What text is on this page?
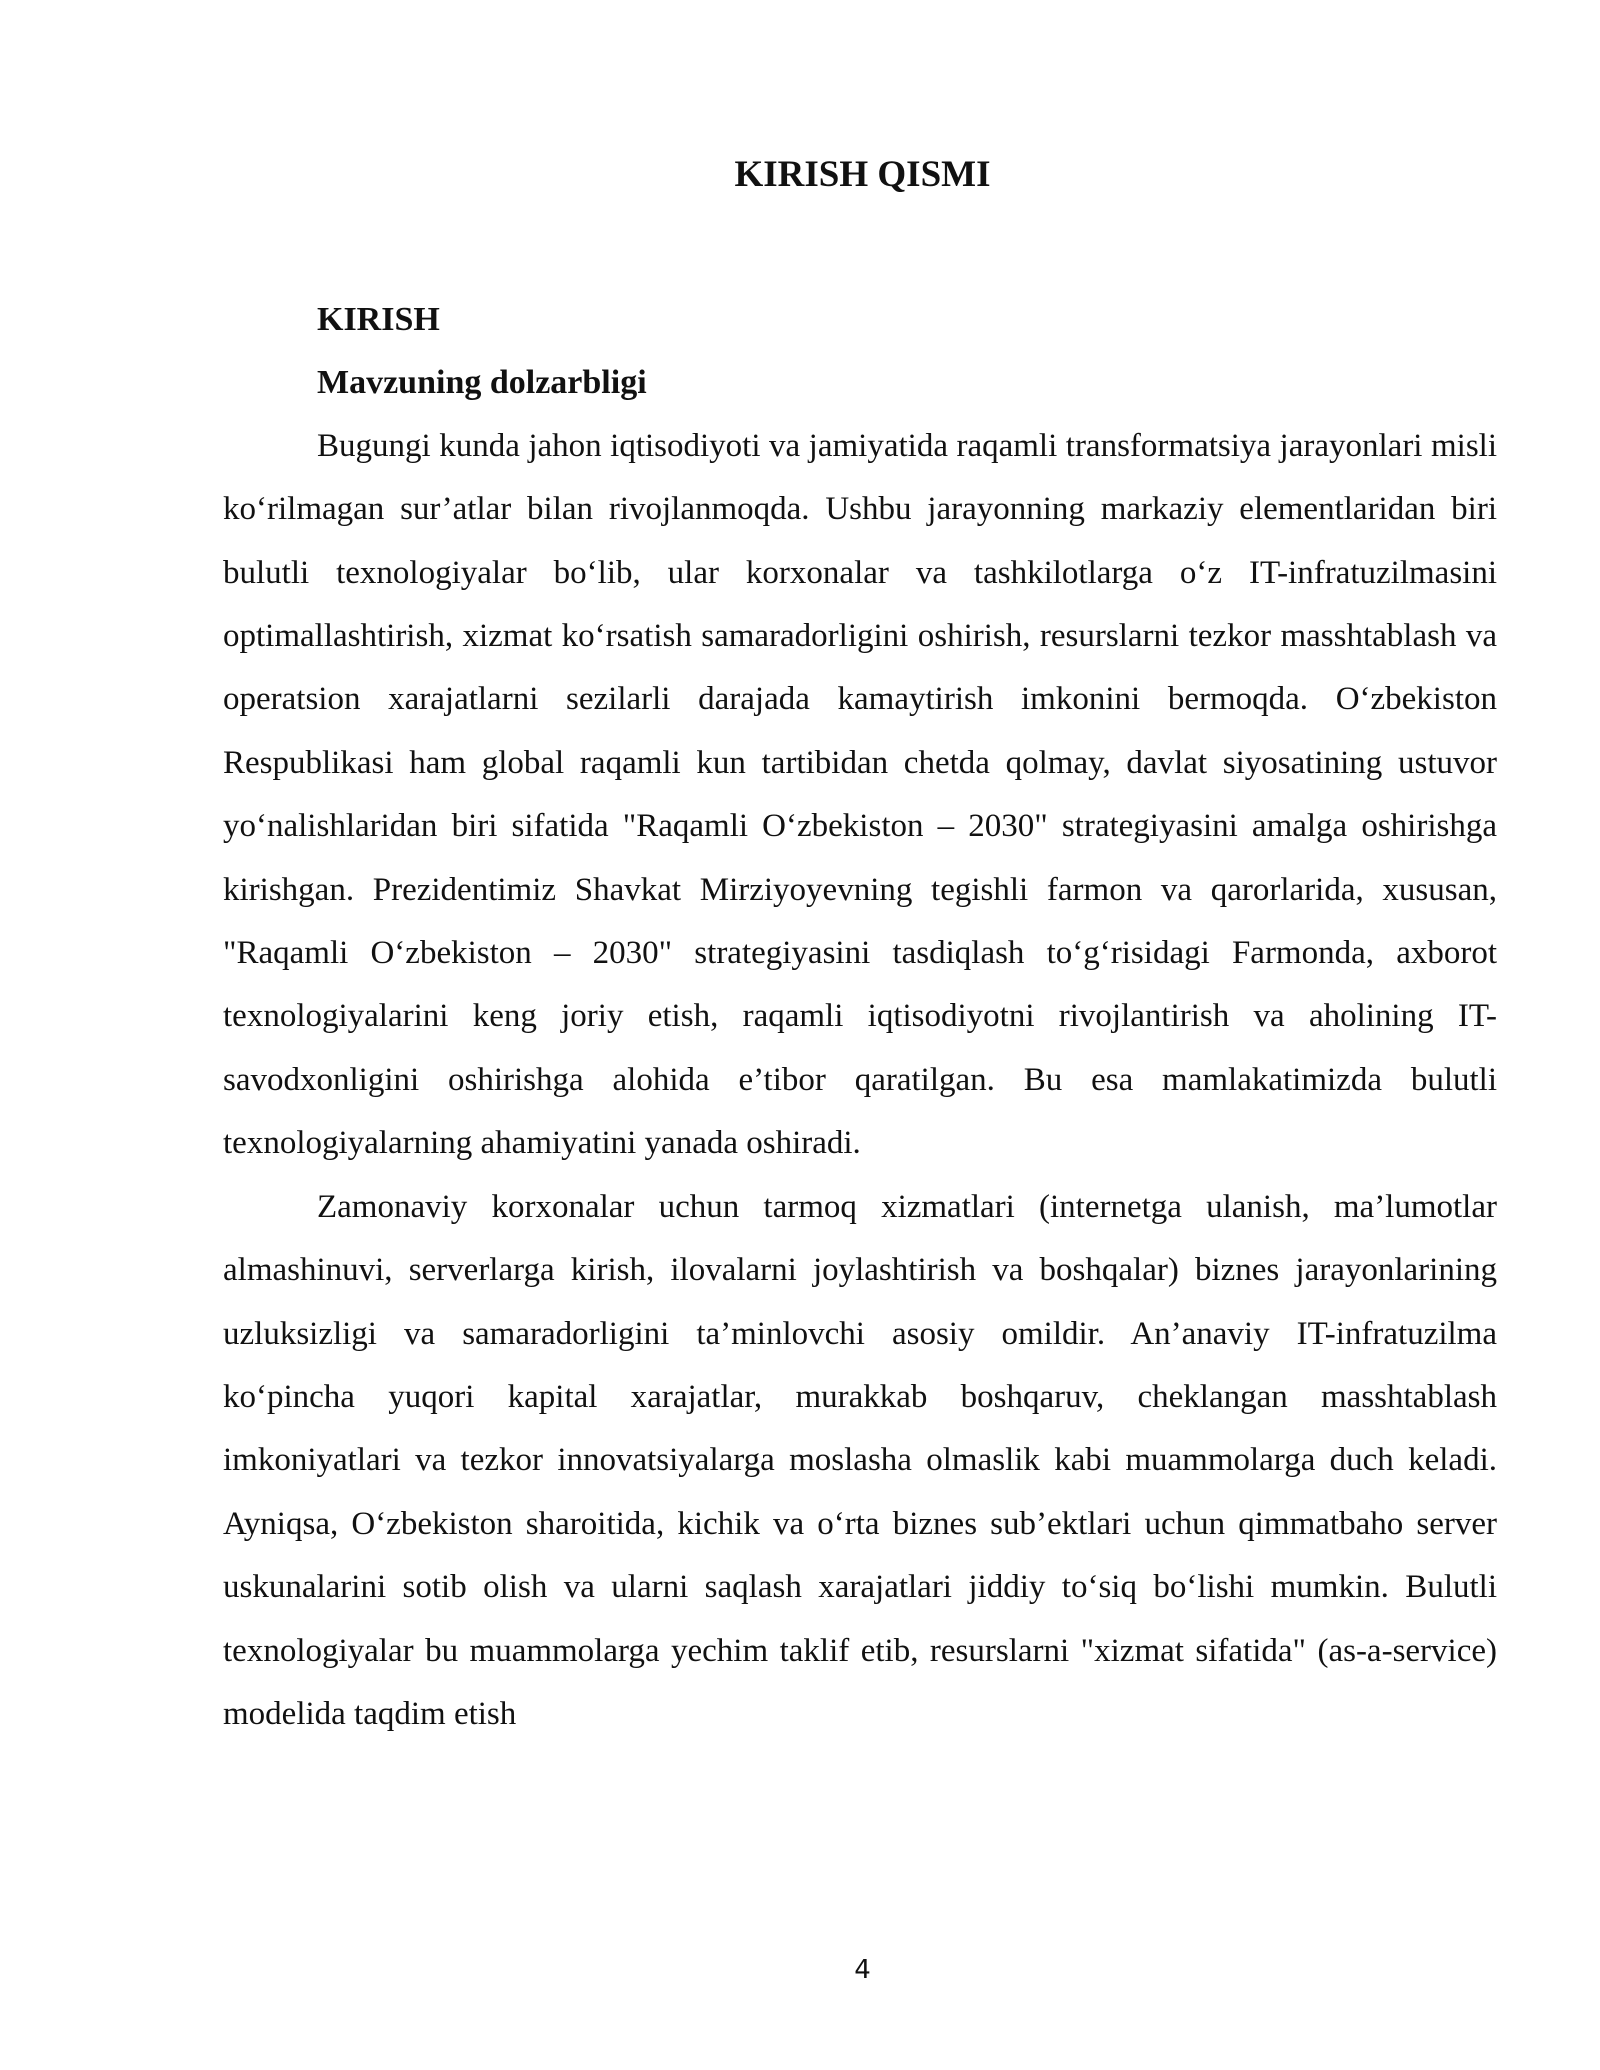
KIRISH QISMI
KIRISH
Mavzuning dolzarbligi

Bugungi kunda jahon iqtisodiyoti va jamiyatida raqamli transformatsiya jarayonlari misli ko‘rilmagan sur’atlar bilan rivojlanmoqda. Ushbu jarayonning markaziy elementlaridan biri bulutli texnologiyalar bo‘lib, ular korxonalar va tashkilotlarga o‘z IT-infratuzilmasini optimallashtirish, xizmat ko‘rsatish samaradorligini oshirish, resurslarni tezkor masshtablash va operatsion xarajatlarni sezilarli darajada kamaytirish imkonini bermoqda. O‘zbekiston Respublikasi ham global raqamli kun tartibidan chetda qolmay, davlat siyosatining ustuvor yo‘nalishlaridan biri sifatida "Raqamli O‘zbekiston – 2030" strategiyasini amalga oshirishga kirishgan. Prezidentimiz Shavkat Mirziyoyevning tegishli farmon va qarorlarida, xususan, "Raqamli O‘zbekiston – 2030" strategiyasini tasdiqlash to‘g‘risidagi Farmonda, axborot texnologiyalarini keng joriy etish, raqamli iqtisodiyotni rivojlantirish va aholining IT-savodxonligini oshirishga alohida e’tibor qaratilgan. Bu esa mamlakatimizda bulutli texnologiyalarning ahamiyatini yanada oshiradi.

Zamonaviy korxonalar uchun tarmoq xizmatlari (internetga ulanish, ma’lumotlar almashinuvi, serverlarga kirish, ilovalarni joylashtirish va boshqalar) biznes jarayonlarining uzluksizligi va samaradorligini ta’minlovchi asosiy omildir. An’anaviy IT-infratuzilma ko‘pincha yuqori kapital xarajatlar, murakkab boshqaruv, cheklangan masshtablash imkoniyatlari va tezkor innovatsiyalarga moslasha olmaslik kabi muammolarga duch keladi. Ayniqsa, O‘zbekiston sharoitida, kichik va o‘rta biznes sub’ektlari uchun qimmatbaho server uskunalarini sotib olish va ularni saqlash xarajatlari jiddiy to‘siq bo‘lishi mumkin. Bulutli texnologiyalar bu muammolarga yechim taklif etib, resurslarni "xizmat sifatida" (as-a-service) modelida taqdim etish

4
